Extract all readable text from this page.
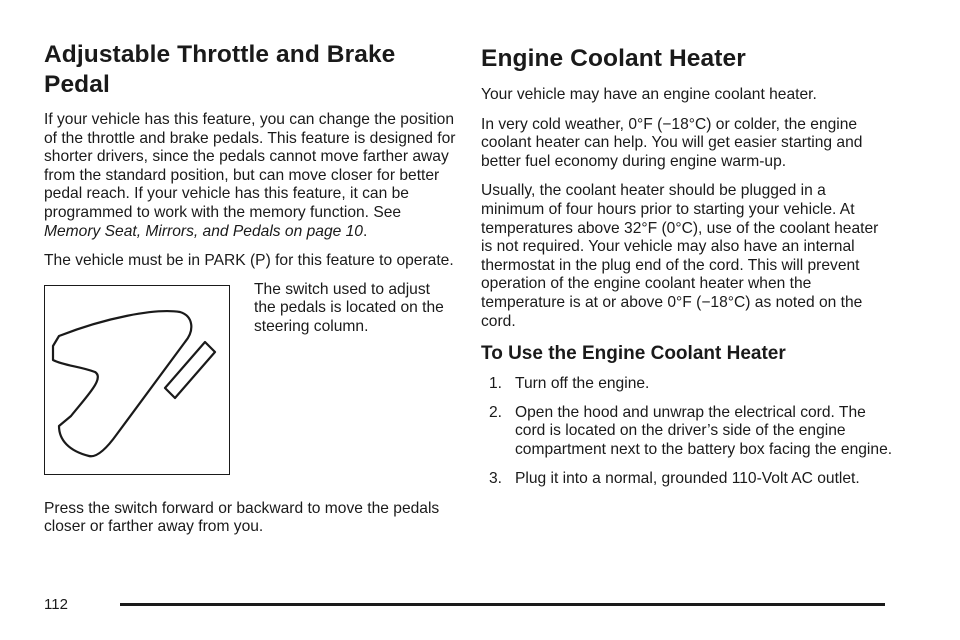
Adjustable Throttle and Brake Pedal

If your vehicle has this feature, you can change the position of the throttle and brake pedals. This feature is designed for shorter drivers, since the pedals cannot move farther away from the standard position, but can move closer for better pedal reach. If your vehicle has this feature, it can be programmed to work with the memory function. See Memory Seat, Mirrors, and Pedals on page 10.

The vehicle must be in PARK (P) for this feature to operate.

The switch used to adjust the pedals is located on the steering column.

Press the switch forward or backward to move the pedals closer or farther away from you.

Engine Coolant Heater

Your vehicle may have an engine coolant heater.

In very cold weather, 0°F (−18°C) or colder, the engine coolant heater can help. You will get easier starting and better fuel economy during engine warm-up.

Usually, the coolant heater should be plugged in a minimum of four hours prior to starting your vehicle. At temperatures above 32°F (0°C), use of the coolant heater is not required. Your vehicle may also have an internal thermostat in the plug end of the cord. This will prevent operation of the engine coolant heater when the temperature is at or above 0°F (−18°C) as noted on the cord.

To Use the Engine Coolant Heater
1. Turn off the engine.
2. Open the hood and unwrap the electrical cord. The cord is located on the driver’s side of the engine compartment next to the battery box facing the engine.
3. Plug it into a normal, grounded 110-Volt AC outlet.
112
